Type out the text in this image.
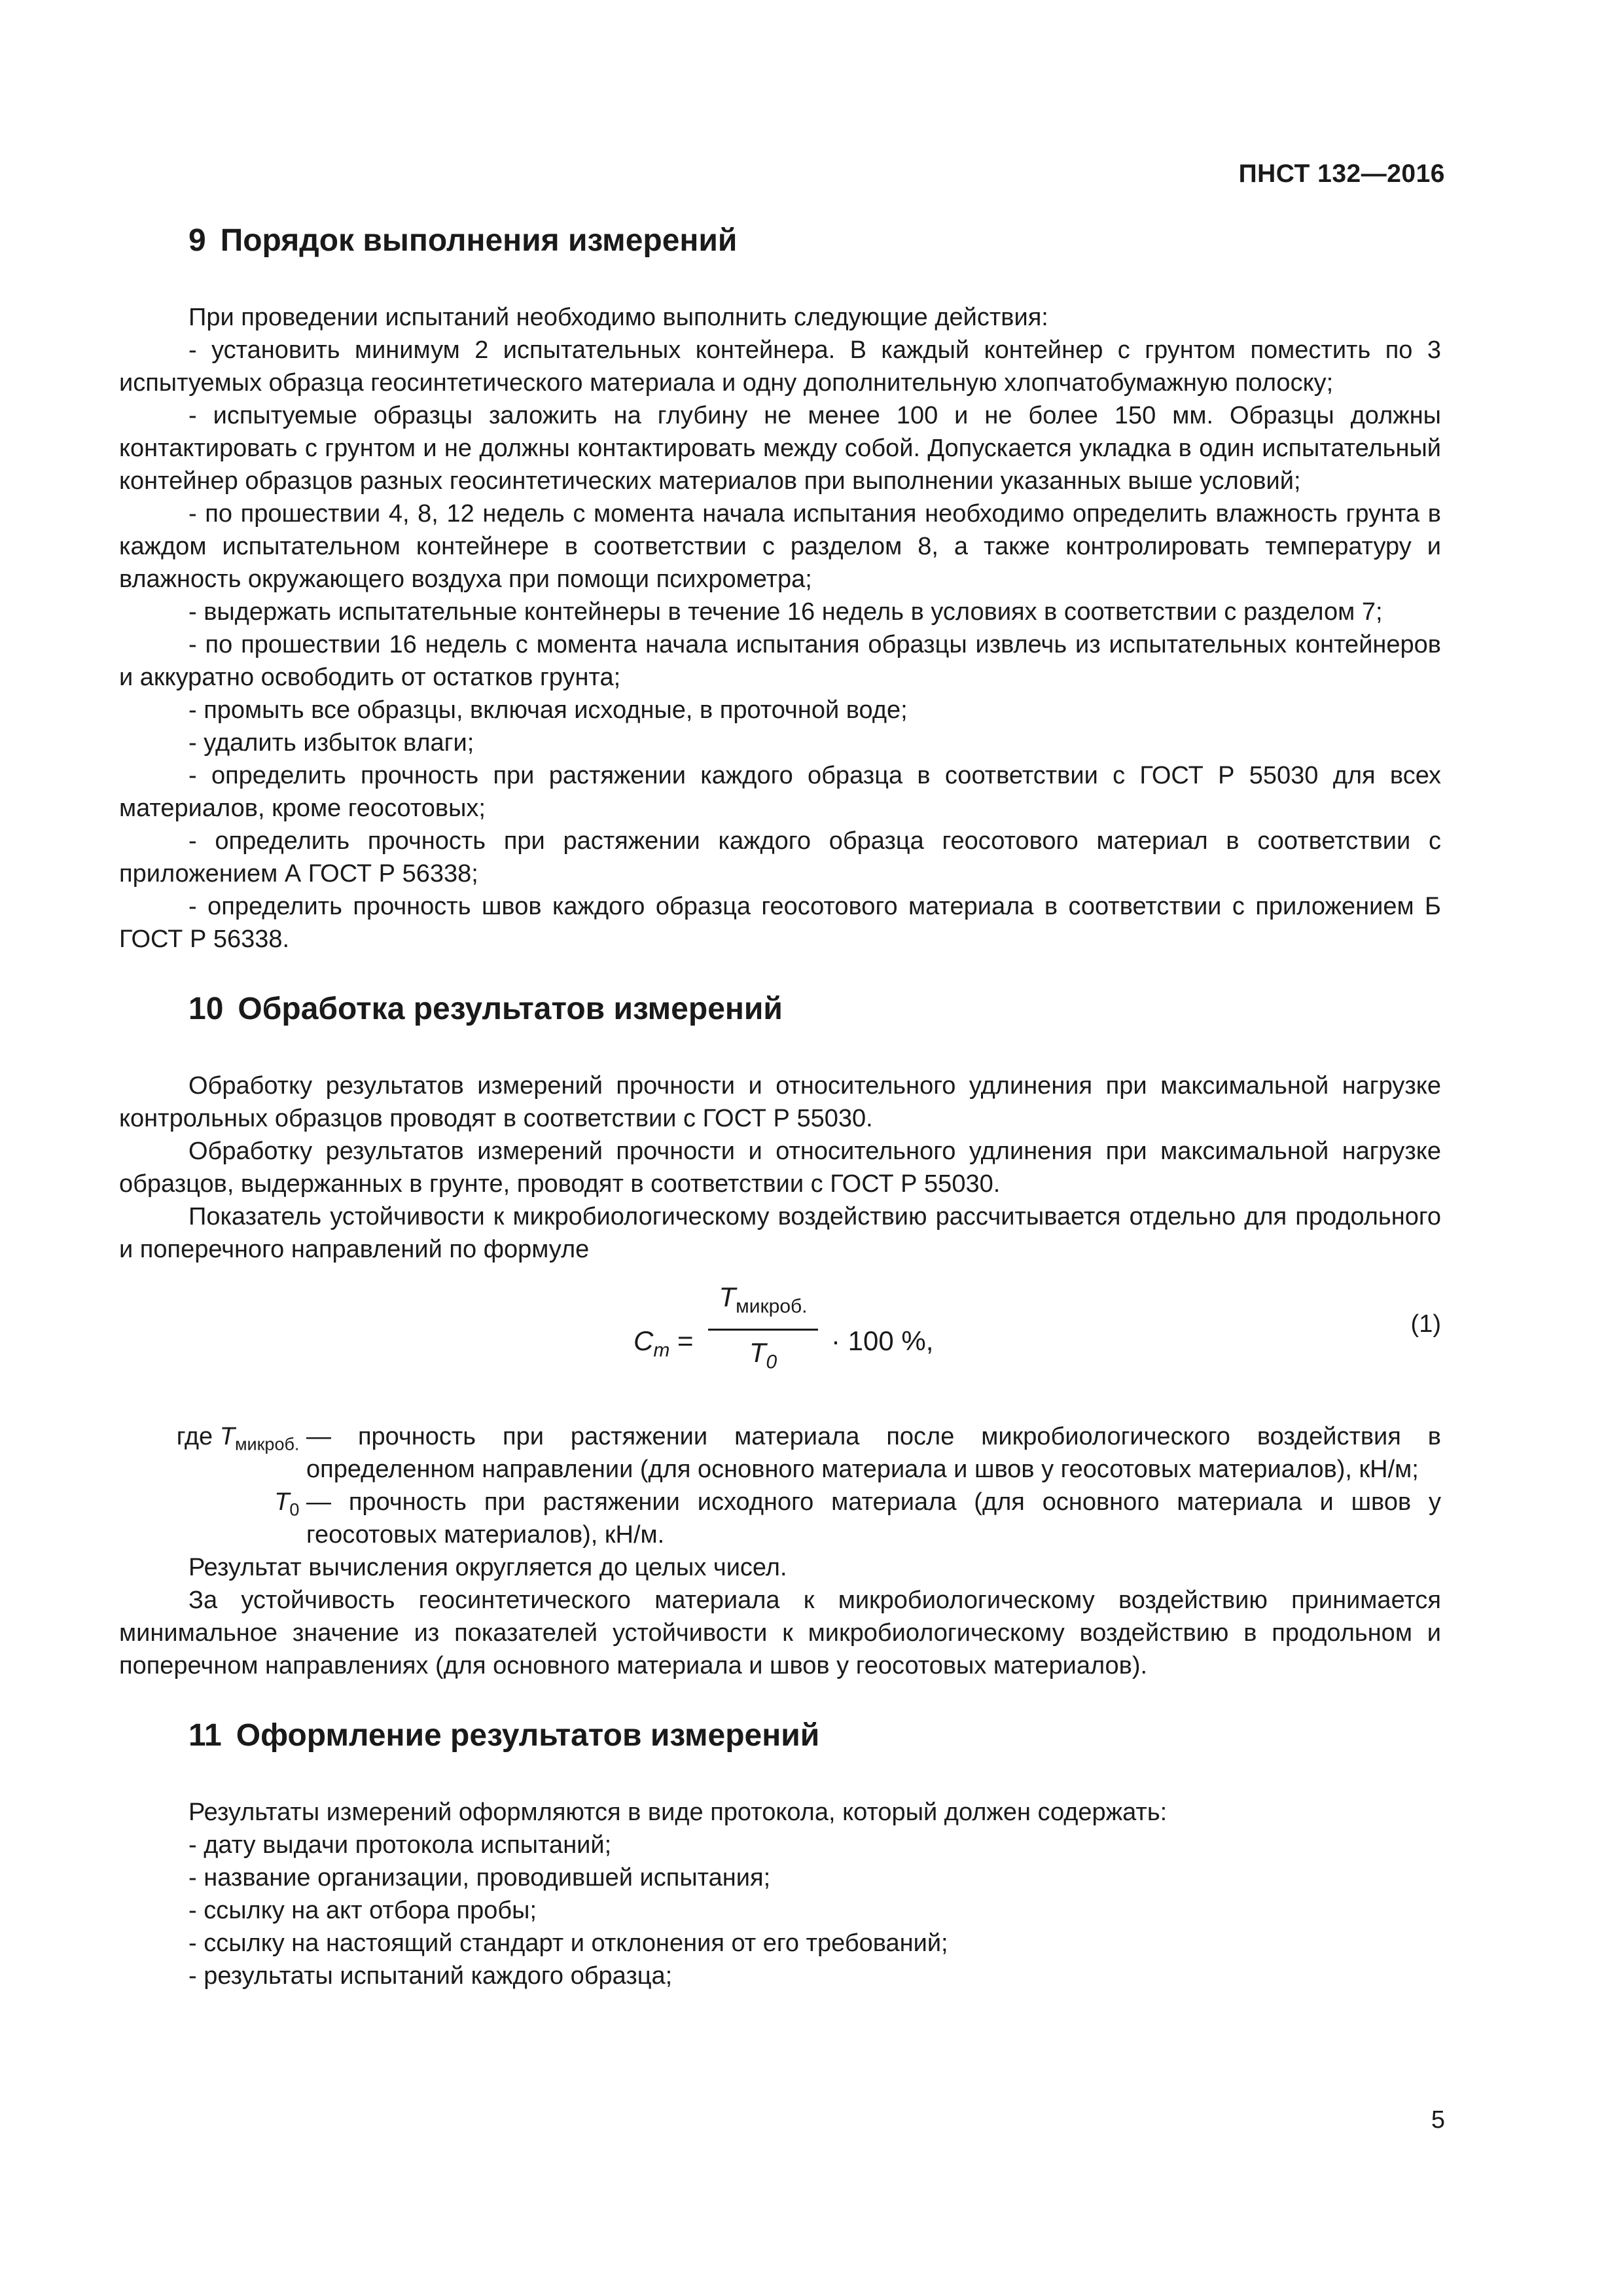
ПНСТ 132—2016
9 Порядок выполнения измерений

При проведении испытаний необходимо выполнить следующие действия:

- установить минимум 2 испытательных контейнера. В каждый контейнер с грунтом поместить по 3 испытуемых образца геосинтетического материала и одну дополнительную хлопчатобумажную полоску;

- испытуемые образцы заложить на глубину не менее 100 и не более 150 мм. Образцы должны контактировать с грунтом и не должны контактировать между собой. Допускается укладка в один испытательный контейнер образцов разных геосинтетических материалов при выполнении указанных выше условий;

- по прошествии 4, 8, 12 недель с момента начала испытания необходимо определить влажность грунта в каждом испытательном контейнере в соответствии с разделом 8, а также контролировать температуру и влажность окружающего воздуха при помощи психрометра;

- выдержать испытательные контейнеры в течение 16 недель в условиях в соответствии с разделом 7;

- по прошествии 16 недель с момента начала испытания образцы извлечь из испытательных контейнеров и аккуратно освободить от остатков грунта;

- промыть все образцы, включая исходные, в проточной воде;

- удалить избыток влаги;

- определить прочность при растяжении каждого образца в соответствии с ГОСТ Р 55030 для всех материалов, кроме геосотовых;

- определить прочность при растяжении каждого образца геосотового материал в соответствии с приложением А ГОСТ Р 56338;

- определить прочность швов каждого образца геосотового материала в соответствии с приложением Б ГОСТ Р 56338.

10 Обработка результатов измерений

Обработку результатов измерений прочности и относительного удлинения при максимальной нагрузке контрольных образцов проводят в соответствии с ГОСТ Р 55030.

Обработку результатов измерений прочности и относительного удлинения при максимальной нагрузке образцов, выдержанных в грунте, проводят в соответствии с ГОСТ Р 55030.

Показатель устойчивости к микробиологическому воздействию рассчитывается отдельно для продольного и поперечного направлений по формуле

$C_m$ =
$T_{микроб.}$
$T_0$
· 100 %,
(1)
где $T_{микроб.}$ — прочность при растяжении материала после микробиологического воздействия в определенном направлении (для основного материала и швов у геосотовых материалов), кН/м;
$T_0$ — прочность при растяжении исходного материала (для основного материала и швов у геосотовых материалов), кН/м.

Результат вычисления округляется до целых чисел.

За устойчивость геосинтетического материала к микробиологическому воздействию принимается минимальное значение из показателей устойчивости к микробиологическому воздействию в продольном и поперечном направлениях (для основного материала и швов у геосотовых материалов).

11 Оформление результатов измерений

Результаты измерений оформляются в виде протокола, который должен содержать:

- дату выдачи протокола испытаний;

- название организации, проводившей испытания;

- ссылку на акт отбора пробы;

- ссылку на настоящий стандарт и отклонения от его требований;

- результаты испытаний каждого образца;

5
